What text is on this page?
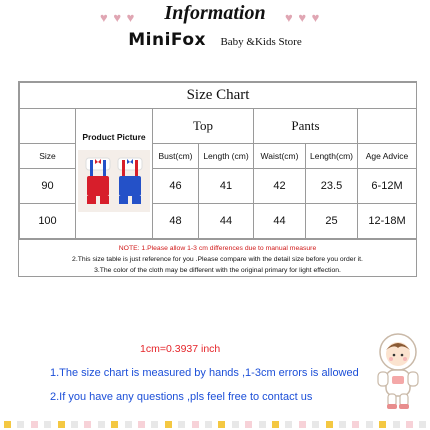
♥ ♥ ♥	Information	♥ ♥ ♥
MiniFox Baby &Kids Store
Size Chart						

	Product Picture	Top		Pants		
Size		Bust(cm)	Length (cm)	Waist(cm)	Length(cm)	Age Advice
90		46	41	42	23.5	6-12M
100		48	44	44	25	12-18M
NOTE: 1.Please allow 1-3 cm differences due to manual measure
2.This size table is just reference for you .Please compare with the detail size before you order it.
3.The color of the cloth may be different with the original primary for light effection.
1cm=0.3937 inch
1.The size chart is measured by hands ,1-3cm errors is allowed
2.If you have any questions ,pls feel free to contact us
